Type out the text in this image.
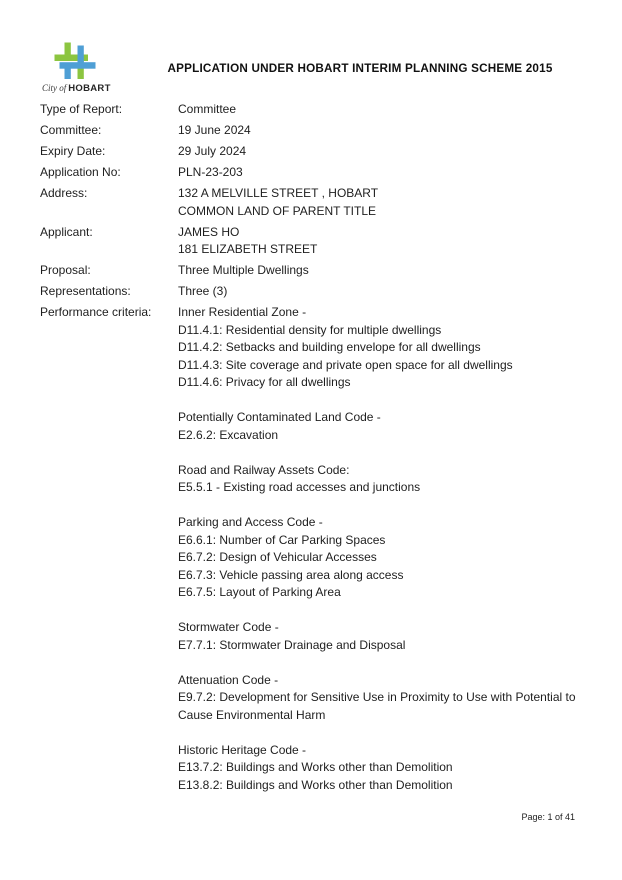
City of HOBART
APPLICATION UNDER HOBART INTERIM PLANNING SCHEME 2015
Type of Report:	Committee
Committee:	19 June 2024
Expiry Date:	29 July 2024
Application No:	PLN-23-203
Address:	132 A MELVILLE STREET , HOBART
COMMON LAND OF PARENT TITLE
Applicant:	JAMES HO
181 ELIZABETH STREET
Proposal:	Three Multiple Dwellings
Representations:	Three (3)
Performance criteria:	Inner Residential Zone -
D11.4.1: Residential density for multiple dwellings
D11.4.2: Setbacks and building envelope for all dwellings
D11.4.3: Site coverage and private open space for all dwellings
D11.4.6: Privacy for all dwellings

Potentially Contaminated Land Code -
E2.6.2: Excavation

Road and Railway Assets Code:
E5.5.1 - Existing road accesses and junctions

Parking and Access Code -
E6.6.1: Number of Car Parking Spaces
E6.7.2: Design of Vehicular Accesses
E6.7.3: Vehicle passing area along access
E6.7.5: Layout of Parking Area

Stormwater Code -
E7.7.1: Stormwater Drainage and Disposal

Attenuation Code -
E9.7.2: Development for Sensitive Use in Proximity to Use with Potential to Cause Environmental Harm

Historic Heritage Code -
E13.7.2: Buildings and Works other than Demolition
E13.8.2: Buildings and Works other than Demolition
Page: 1 of 41
